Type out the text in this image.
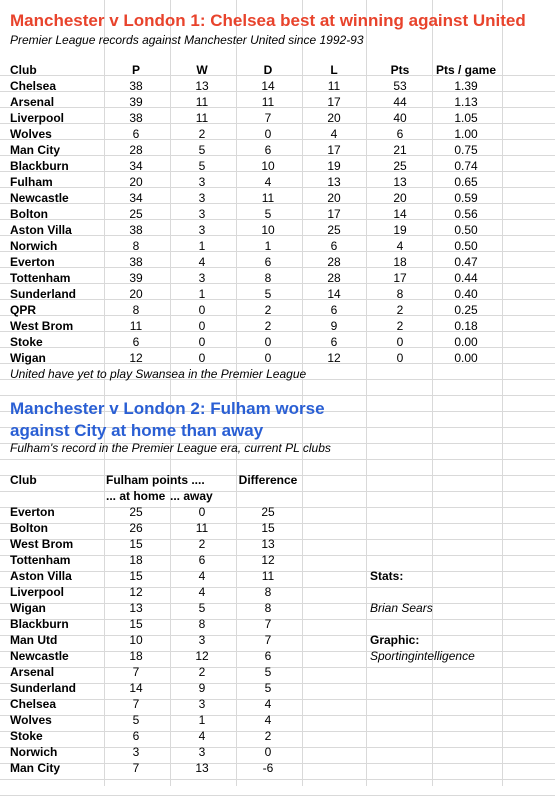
Manchester v London 1: Chelsea best at winning against United
Premier League records against Manchester United since 1992-93
Club	P	W	D	L	Pts	Pts / game
Chelsea	38	13	14	11	53	1.39
Arsenal	39	11	11	17	44	1.13
Liverpool	38	11	7	20	40	1.05
Wolves	6	2	0	4	6	1.00
Man City	28	5	6	17	21	0.75
Blackburn	34	5	10	19	25	0.74
Fulham	20	3	4	13	13	0.65
Newcastle	34	3	11	20	20	0.59
Bolton	25	3	5	17	14	0.56
Aston Villa	38	3	10	25	19	0.50
Norwich	8	1	1	6	4	0.50
Everton	38	4	6	28	18	0.47
Tottenham	39	3	8	28	17	0.44
Sunderland	20	1	5	14	8	0.40
QPR	8	0	2	6	2	0.25
West Brom	11	0	2	9	2	0.18
Stoke	6	0	0	6	0	0.00
Wigan	12	0	0	12	0	0.00
United have yet to play Swansea in the Premier League
Manchester v London 2: Fulham worse
against City at home than away
Fulham's record in the Premier League era, current PL clubs
Club	Fulham points ....	Difference
... at home ... away
Everton	25	0	25
Bolton	26	11	15
West Brom	15	2	13
Tottenham	18	6	12
Aston Villa	15	4	11	Stats:
Liverpool	12	4	8
Wigan	13	5	8	Brian Sears
Blackburn	15	8	7
Man Utd	10	3	7	Graphic:
Newcastle	18	12	6	Sportingintelligence
Arsenal	7	2	5
Sunderland	14	9	5
Chelsea	7	3	4
Wolves	5	1	4
Stoke	6	4	2
Norwich	3	3	0
Man City	7	13	-6
